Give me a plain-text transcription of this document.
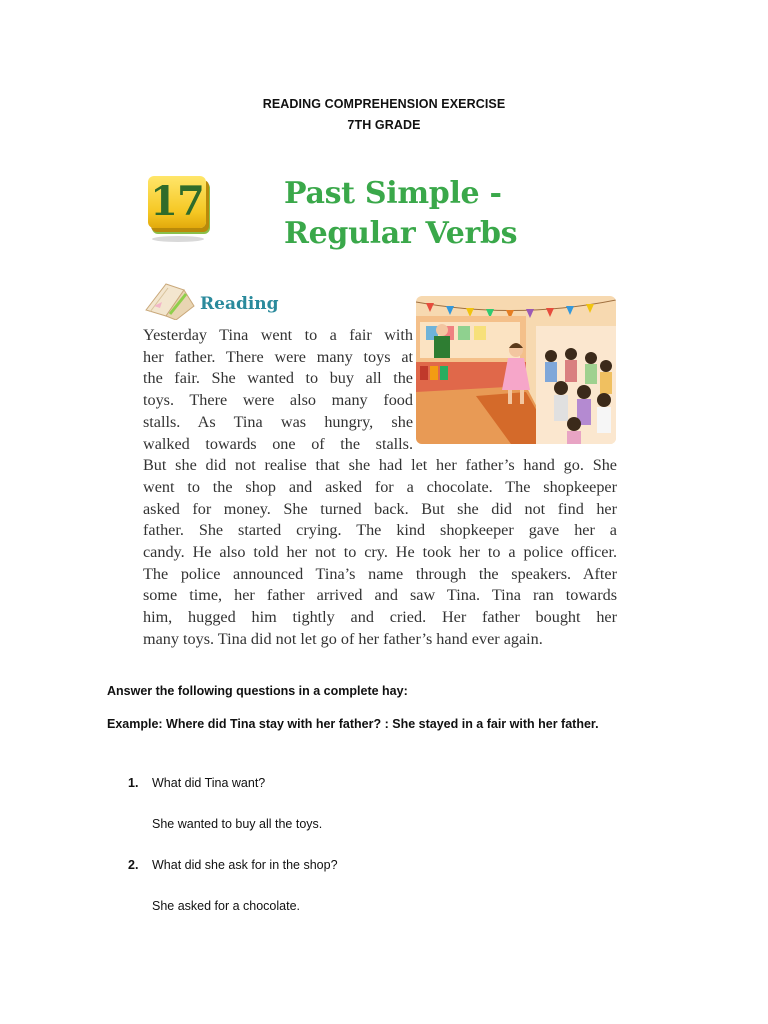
READING COMPREHENSION EXERCISE
7TH GRADE
17	Past Simple -
Regular Verbs
Reading
Yesterday Tina went to a fair with
her father. There were many toys at
the fair. She wanted to buy all the
toys. There were also many food
stalls. As Tina was hungry, she
walked towards one of the stalls.
But she did not realise that she had let her father’s hand go. She
went to the shop and asked for a chocolate. The shopkeeper
asked for money. She turned back. But she did not find her
father. She started crying. The kind shopkeeper gave her a
candy. He also told her not to cry. He took her to a police officer.
The police announced Tina’s name through the speakers. After
some time, her father arrived and saw Tina. Tina ran towards
him, hugged him tightly and cried. Her father bought her
many toys. Tina did not let go of her father’s hand ever again.
Answer the following questions in a complete hay:
Example: Where did Tina stay with her father? : She stayed in a fair with her father.
1. What did Tina want?
She wanted to buy all the toys.
2. What did she ask for in the shop?
She asked for a chocolate.
